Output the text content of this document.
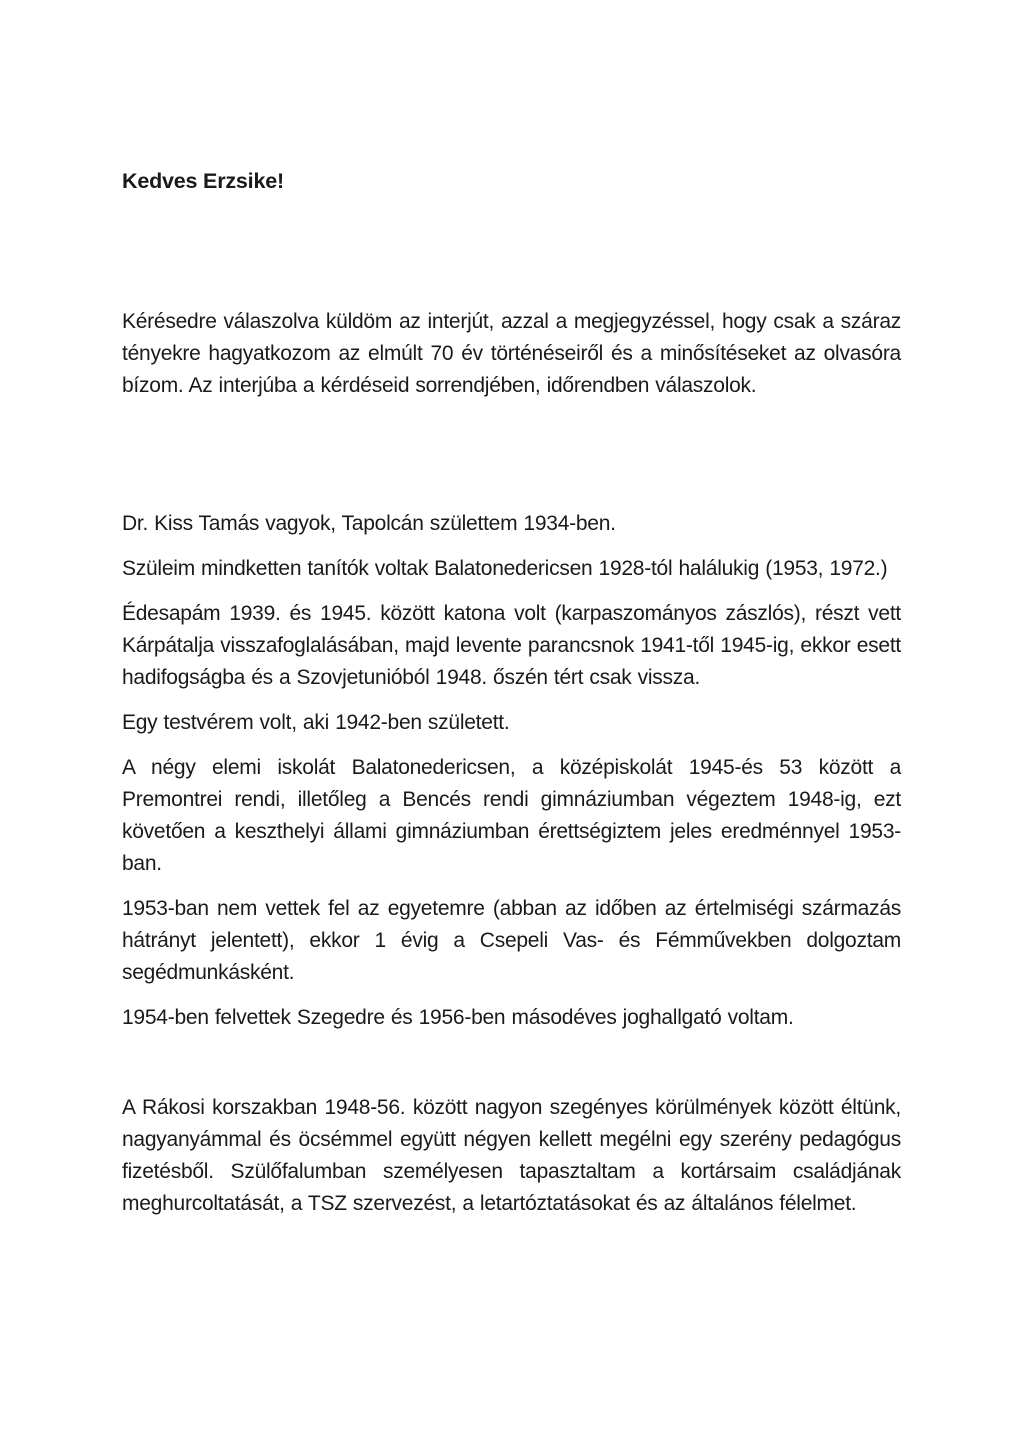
Kedves Erzsike!

Kérésedre válaszolva küldöm az interjút, azzal a megjegyzéssel, hogy csak a száraz tényekre hagyatkozom az elmúlt 70 év történéseiről és a minősítéseket az olvasóra bízom. Az interjúba a kérdéseid sorrendjében, időrendben válaszolok.

Dr. Kiss Tamás vagyok, Tapolcán születtem 1934-ben.

Szüleim mindketten tanítók voltak Balatonedericsen 1928-tól halálukig (1953, 1972.)

Édesapám 1939. és 1945. között katona volt (karpaszományos zászlós), részt vett Kárpátalja visszafoglalásában, majd levente parancsnok 1941-től 1945-ig, ekkor esett hadifogságba és a Szovjetunióból 1948. őszén tért csak vissza.

Egy testvérem volt, aki 1942-ben született.

A négy elemi iskolát Balatonedericsen, a középiskolát 1945-és 53 között a Premontrei rendi, illetőleg a Bencés rendi gimnáziumban végeztem 1948-ig, ezt követően a keszthelyi állami gimnáziumban érettségiztem jeles eredménnyel 1953-ban.

1953-ban nem vettek fel az egyetemre (abban az időben az értelmiségi származás hátrányt jelentett), ekkor 1 évig a Csepeli Vas- és Fémművekben dolgoztam segédmunkásként.

1954-ben felvettek Szegedre és 1956-ben másodéves joghallgató voltam.

A Rákosi korszakban 1948-56. között nagyon szegényes körülmények között éltünk, nagyanyámmal és öcsémmel együtt négyen kellett megélni egy szerény pedagógus fizetésből. Szülőfalumban személyesen tapasztaltam a kortársaim családjának meghurcoltatását, a TSZ szervezést, a letartóztatásokat és az általános félelmet.
